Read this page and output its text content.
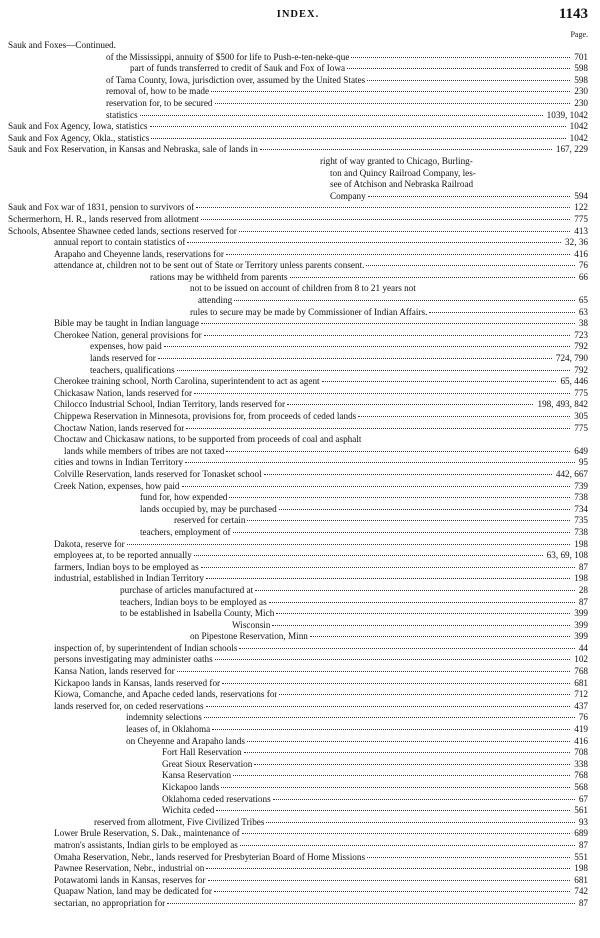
INDEX.	1143
Page.
Sauk and Foxes—Continued.
of the Mississippi, annuity of $500 for life to Push-e-ten-neke-que	701
part of funds transferred to credit of Sauk and Fox of Iowa	598
of Tama County, Iowa, jurisdiction over, assumed by the United States	598
removal of, how to be made	230
reservation for, to be secured	230
statistics	1039, 1042
Sauk and Fox Agency, Iowa, statistics	1042
Sauk and Fox Agency, Okla., statistics	1042
Sauk and Fox Reservation, in Kansas and Nebraska, sale of lands in	167, 229
right of way granted to Chicago, Burling-
ton and Quincy Railroad Company, les-
see of Atchison and Nebraska Railroad
Company	594
Sauk and Fox war of 1831, pension to survivors of	122
Schermerhorn, H. R., lands reserved from allotment	775
Schools, Absentee Shawnee ceded lands, sections reserved for	413
annual report to contain statistics of	32, 36
Arapaho and Cheyenne lands, reservations for	416
attendance at, children not to be sent out of State or Territory unless parents consent.	76
rations may be withheld from parents	66
not to be issued on account of children from 8 to 21 years not
attending	65
rules to secure may be made by Commissioner of Indian Affairs.	63
Bible may be taught in Indian language	38
Cherokee Nation, general provisions for	723
expenses, how paid	792
lands reserved for	724, 790
teachers, qualifications	792
Cherokee training school, North Carolina, superintendent to act as agent	65, 446
Chickasaw Nation, lands reserved for	775
Chilocco Industrial School, Indian Territory, lands reserved for	198, 493, 842
Chippewa Reservation in Minnesota, provisions for, from proceeds of ceded lands	305
Choctaw Nation, lands reserved for	775
Choctaw and Chickasaw nations, to be supported from proceeds of coal and asphalt
lands while members of tribes are not taxed	649
cities and towns in Indian Territory	95
Colville Reservation, lands reserved for Tonasket school	442, 667
Creek Nation, expenses, how paid	739
fund for, how expended	738
lands occupied by, may be purchased	734
reserved for certain	735
teachers, employment of	738
Dakota, reserve for	198
employees at, to be reported annually	63, 69, 108
farmers, Indian boys to be employed as	87
industrial, established in Indian Territory	198
purchase of articles manufactured at	28
teachers, Indian boys to be employed as	87
to be established in Isabella County, Mich	399
Wisconsin	399
on Pipestone Reservation, Minn	399
inspection of, by superintendent of Indian schools	44
persons investigating may administer oaths	102
Kansa Nation, lands reserved for	768
Kickapoo lands in Kansas, lands reserved for	681
Kiowa, Comanche, and Apache ceded lands, reservations for	712
lands reserved for, on ceded reservations	437
indemnity selections	76
leases of, in Oklahoma	419
on Cheyenne and Arapaho lands	416
Fort Hall Reservation	708
Great Sioux Reservation	338
Kansa Reservation	768
Kickapoo lands	568
Oklahoma ceded reservations	67
Wichita ceded	561
reserved from allotment, Five Civilized Tribes	93
Lower Brule Reservation, S. Dak., maintenance of	689
matron's assistants, Indian girls to be employed as	87
Omaha Reservation, Nebr., lands reserved for Presbyterian Board of Home Missions	551
Pawnee Reservation, Nebr., industrial on	198
Potawatomi lands in Kansas, reserves for	681
Quapaw Nation, land may be dedicated for	742
sectarian, no appropriation for	87
